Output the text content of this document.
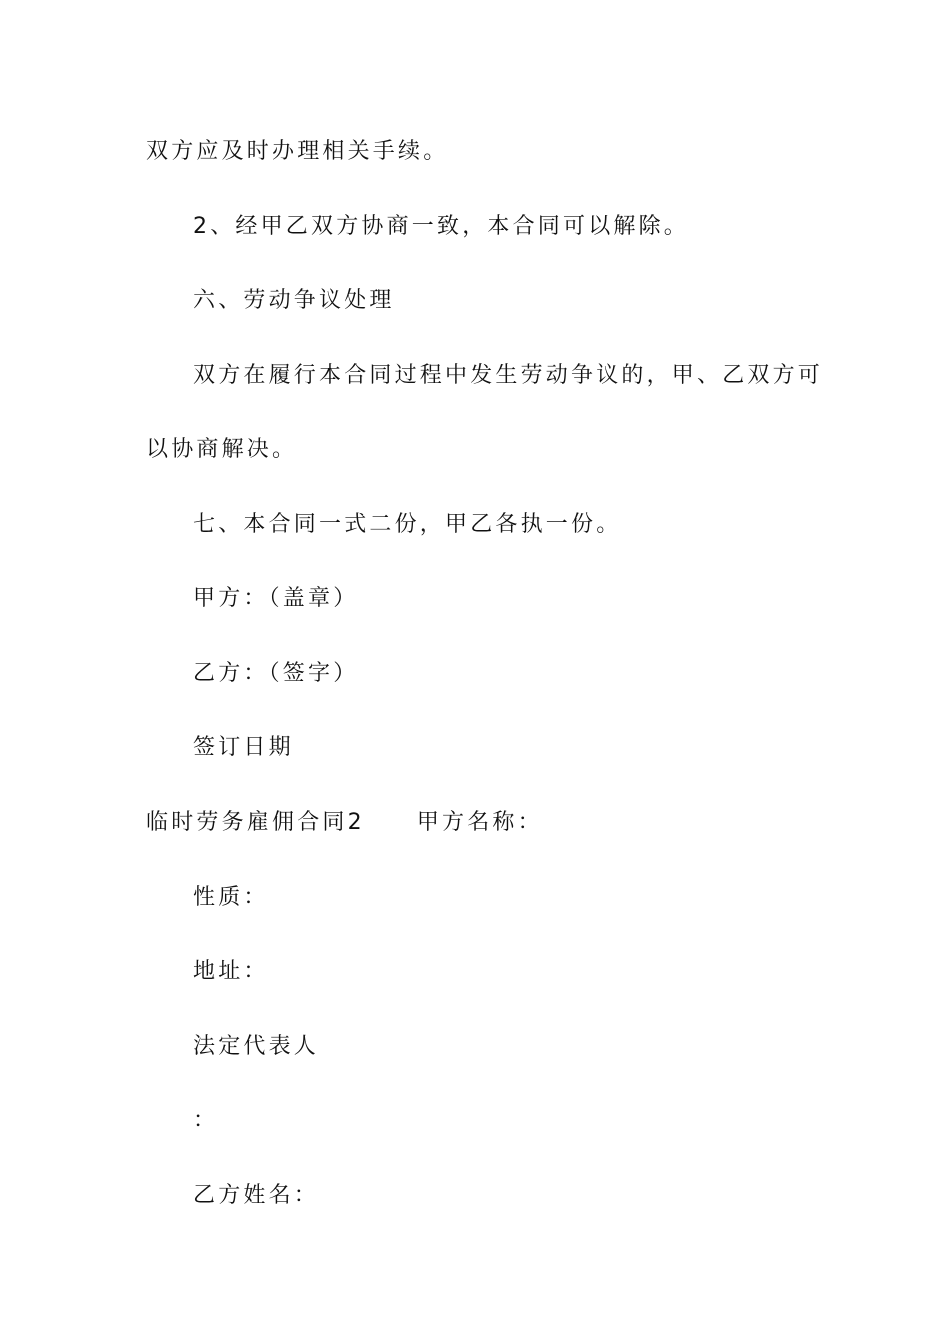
双方应及时办理相关手续。
2、经甲乙双方协商一致，本合同可以解除。
六、劳动争议处理
双方在履行本合同过程中发生劳动争议的，甲、乙双方可
以协商解决。
七、本合同一式二份，甲乙各执一份。
甲方：（盖章）
乙方：（签字）
签订日期
临时劳务雇佣合同2 甲方名称：
性质：
地址：
法定代表人
：
乙方姓名：
